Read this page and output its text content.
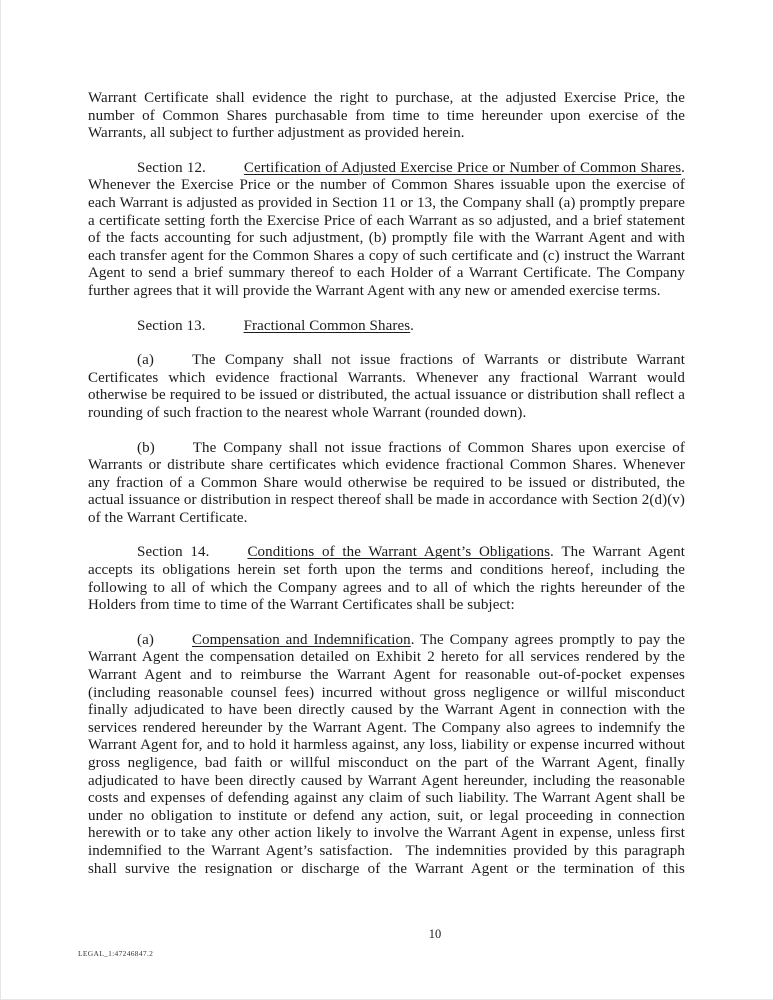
Warrant Certificate shall evidence the right to purchase, at the adjusted Exercise Price, the number of Common Shares purchasable from time to time hereunder upon exercise of the Warrants, all subject to further adjustment as provided herein.

Section 12.	Certification of Adjusted Exercise Price or Number of Common Shares. Whenever the Exercise Price or the number of Common Shares issuable upon the exercise of each Warrant is adjusted as provided in Section 11 or 13, the Company shall (a) promptly prepare a certificate setting forth the Exercise Price of each Warrant as so adjusted, and a brief statement of the facts accounting for such adjustment, (b) promptly file with the Warrant Agent and with each transfer agent for the Common Shares a copy of such certificate and (c) instruct the Warrant Agent to send a brief summary thereof to each Holder of a Warrant Certificate. The Company further agrees that it will provide the Warrant Agent with any new or amended exercise terms.

Section 13.	Fractional Common Shares.

(a)	The Company shall not issue fractions of Warrants or distribute Warrant Certificates which evidence fractional Warrants. Whenever any fractional Warrant would otherwise be required to be issued or distributed, the actual issuance or distribution shall reflect a rounding of such fraction to the nearest whole Warrant (rounded down).

(b)	The Company shall not issue fractions of Common Shares upon exercise of Warrants or distribute share certificates which evidence fractional Common Shares. Whenever any fraction of a Common Share would otherwise be required to be issued or distributed, the actual issuance or distribution in respect thereof shall be made in accordance with Section 2(d)(v) of the Warrant Certificate.

Section 14.	Conditions of the Warrant Agent’s Obligations. The Warrant Agent accepts its obligations herein set forth upon the terms and conditions hereof, including the following to all of which the Company agrees and to all of which the rights hereunder of the Holders from time to time of the Warrant Certificates shall be subject:

(a)	Compensation and Indemnification. The Company agrees promptly to pay the Warrant Agent the compensation detailed on Exhibit 2 hereto for all services rendered by the Warrant Agent and to reimburse the Warrant Agent for reasonable out-of-pocket expenses (including reasonable counsel fees) incurred without gross negligence or willful misconduct finally adjudicated to have been directly caused by the Warrant Agent in connection with the services rendered hereunder by the Warrant Agent. The Company also agrees to indemnify the Warrant Agent for, and to hold it harmless against, any loss, liability or expense incurred without gross negligence, bad faith or willful misconduct on the part of the Warrant Agent, finally adjudicated to have been directly caused by Warrant Agent hereunder, including the reasonable costs and expenses of defending against any claim of such liability. The Warrant Agent shall be under no obligation to institute or defend any action, suit, or legal proceeding in connection herewith or to take any other action likely to involve the Warrant Agent in expense, unless first indemnified to the Warrant Agent’s satisfaction.  The indemnities provided by this paragraph shall survive the resignation or discharge of the Warrant Agent or the termination of this

10
LEGAL_1:47246847.2
